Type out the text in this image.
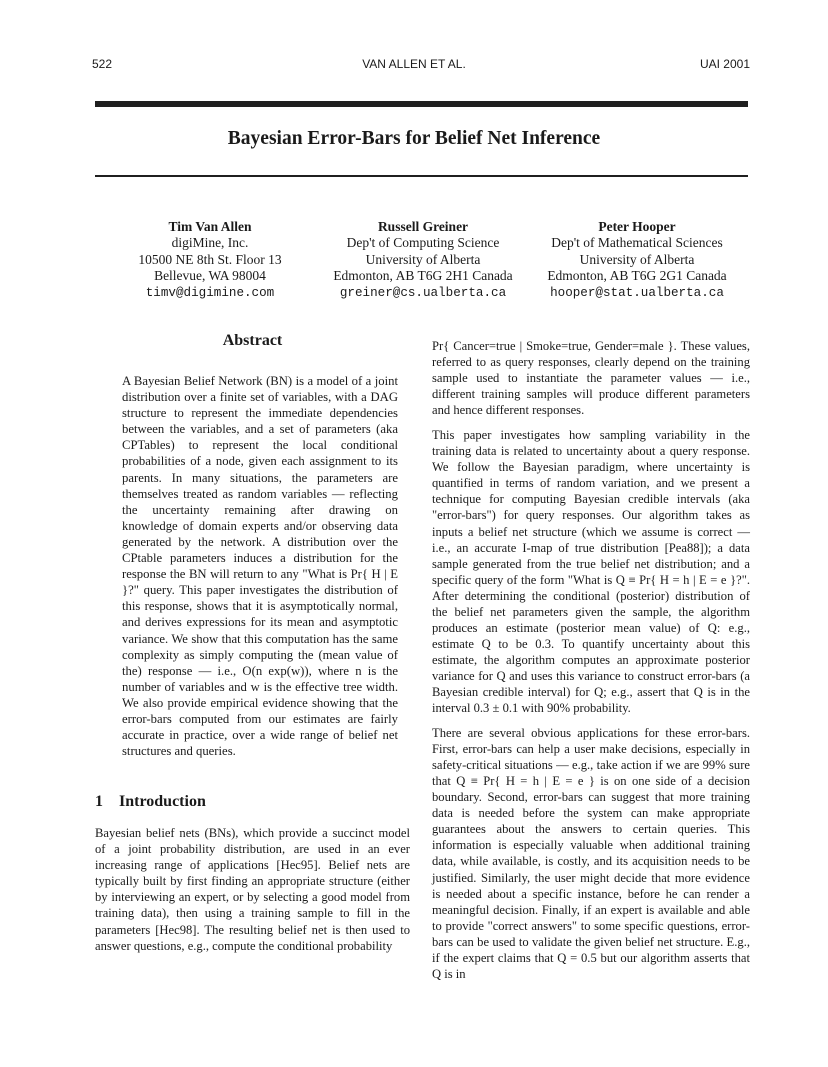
522	VAN ALLEN ET AL.	UAI 2001
Bayesian Error-Bars for Belief Net Inference
Tim Van Allen
digiMine, Inc.
10500 NE 8th St. Floor 13
Bellevue, WA 98004
timv@digimine.com
Russell Greiner
Dep't of Computing Science
University of Alberta
Edmonton, AB T6G 2H1 Canada
greiner@cs.ualberta.ca
Peter Hooper
Dep't of Mathematical Sciences
University of Alberta
Edmonton, AB T6G 2G1 Canada
hooper@stat.ualberta.ca
Abstract

A Bayesian Belief Network (BN) is a model of a joint distribution over a finite set of variables, with a DAG structure to represent the immediate dependencies between the variables, and a set of parameters (aka CPTables) to represent the local conditional probabilities of a node, given each assignment to its parents. In many situations, the parameters are themselves treated as random variables — reflecting the uncertainty remaining after drawing on knowledge of domain experts and/or observing data generated by the network. A distribution over the CPtable parameters induces a distribution for the response the BN will return to any "What is Pr{ H | E }?" query. This paper investigates the distribution of this response, shows that it is asymptotically normal, and derives expressions for its mean and asymptotic variance. We show that this computation has the same complexity as simply computing the (mean value of the) response — i.e., O(n exp(w)), where n is the number of variables and w is the effective tree width. We also provide empirical evidence showing that the error-bars computed from our estimates are fairly accurate in practice, over a wide range of belief net structures and queries.

1 Introduction

Bayesian belief nets (BNs), which provide a succinct model of a joint probability distribution, are used in an ever increasing range of applications [Hec95]. Belief nets are typically built by first finding an appropriate structure (either by interviewing an expert, or by selecting a good model from training data), then using a training sample to fill in the parameters [Hec98]. The resulting belief net is then used to answer questions, e.g., compute the conditional probability

Pr{ Cancer=true | Smoke=true, Gender=male }. These values, referred to as query responses, clearly depend on the training sample used to instantiate the parameter values — i.e., different training samples will produce different parameters and hence different responses.

This paper investigates how sampling variability in the training data is related to uncertainty about a query response. We follow the Bayesian paradigm, where uncertainty is quantified in terms of random variation, and we present a technique for computing Bayesian credible intervals (aka "error-bars") for query responses. Our algorithm takes as inputs a belief net structure (which we assume is correct — i.e., an accurate I-map of true distribution [Pea88]); a data sample generated from the true belief net distribution; and a specific query of the form "What is Q ≡ Pr{ H = h | E = e }?". After determining the conditional (posterior) distribution of the belief net parameters given the sample, the algorithm produces an estimate (posterior mean value) of Q: e.g., estimate Q to be 0.3. To quantify uncertainty about this estimate, the algorithm computes an approximate posterior variance for Q and uses this variance to construct error-bars (a Bayesian credible interval) for Q; e.g., assert that Q is in the interval 0.3 ± 0.1 with 90% probability.

There are several obvious applications for these error-bars. First, error-bars can help a user make decisions, especially in safety-critical situations — e.g., take action if we are 99% sure that Q ≡ Pr{ H = h | E = e } is on one side of a decision boundary. Second, error-bars can suggest that more training data is needed before the system can make appropriate guarantees about the answers to certain queries. This information is especially valuable when additional training data, while available, is costly, and its acquisition needs to be justified. Similarly, the user might decide that more evidence is needed about a specific instance, before he can render a meaningful decision. Finally, if an expert is available and able to provide "correct answers" to some specific questions, error-bars can be used to validate the given belief net structure. E.g., if the expert claims that Q = 0.5 but our algorithm asserts that Q is in
